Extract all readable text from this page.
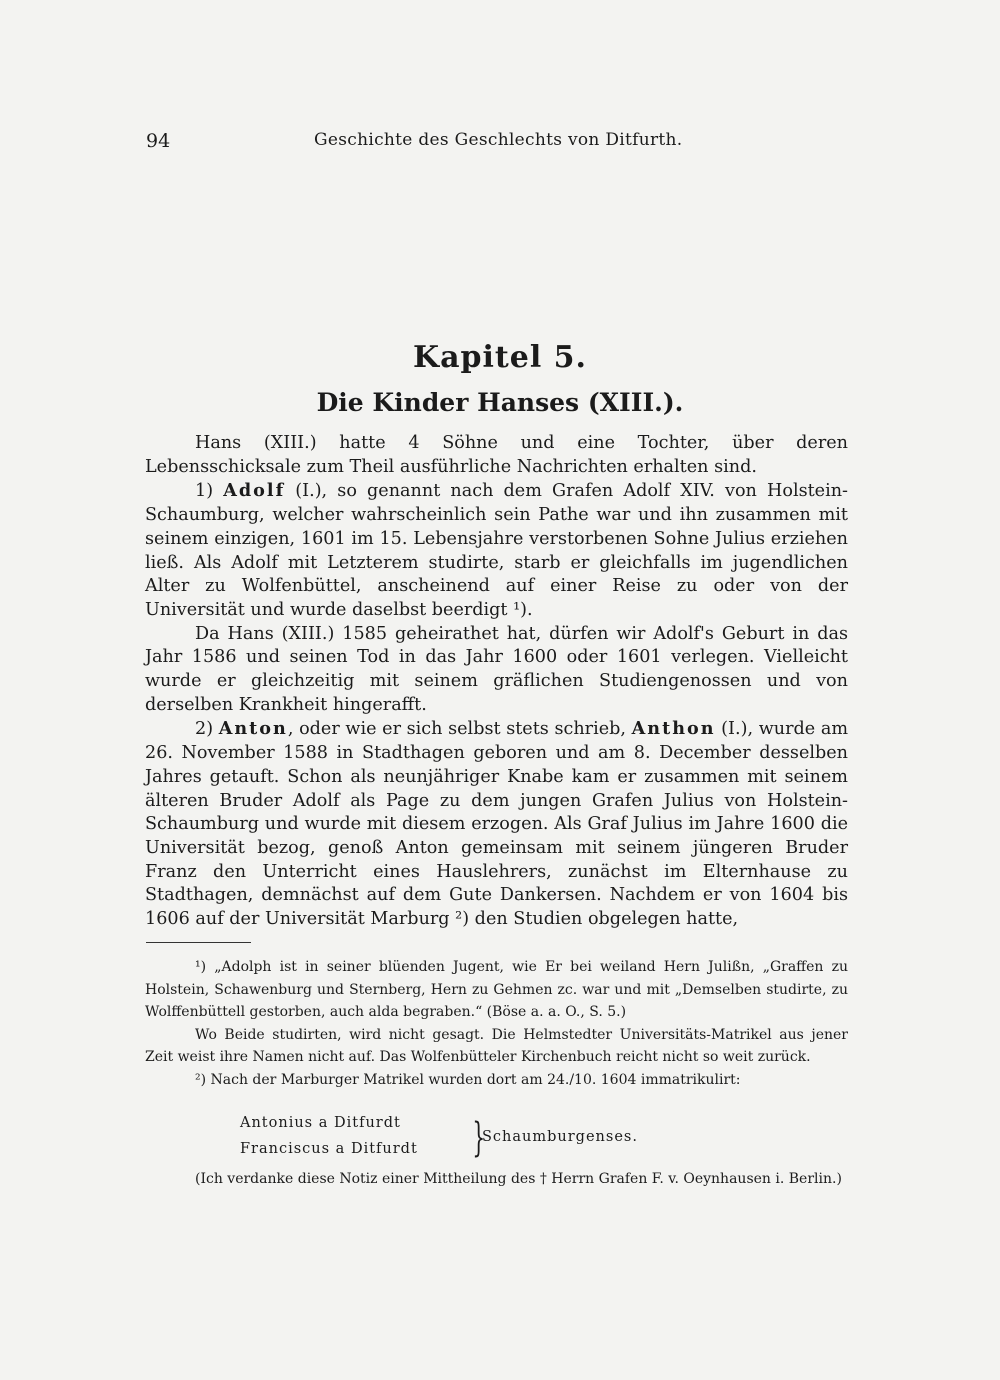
94	Geschichte des Geschlechts von Ditfurth.
Kapitel 5.
Die Kinder Hanses (XIII.).

Hans (XIII.) hatte 4 Söhne und eine Tochter, über deren Lebensschicksale zum Theil ausführliche Nachrichten erhalten sind.

1) Adolf (I.), so genannt nach dem Grafen Adolf XIV. von Holstein-Schaumburg, welcher wahrscheinlich sein Pathe war und ihn zusammen mit seinem einzigen, 1601 im 15. Lebensjahre verstorbenen Sohne Julius erziehen ließ. Als Adolf mit Letzterem studirte, starb er gleichfalls im jugendlichen Alter zu Wolfenbüttel, anscheinend auf einer Reise zu oder von der Universität und wurde daselbst beerdigt ¹).

Da Hans (XIII.) 1585 geheirathet hat, dürfen wir Adolf's Geburt in das Jahr 1586 und seinen Tod in das Jahr 1600 oder 1601 verlegen. Vielleicht wurde er gleichzeitig mit seinem gräflichen Studiengenossen und von derselben Krankheit hingerafft.

2) Anton, oder wie er sich selbst stets schrieb, Anthon (I.), wurde am 26. November 1588 in Stadthagen geboren und am 8. December desselben Jahres getauft. Schon als neunjähriger Knabe kam er zusammen mit seinem älteren Bruder Adolf als Page zu dem jungen Grafen Julius von Holstein-Schaumburg und wurde mit diesem erzogen. Als Graf Julius im Jahre 1600 die Universität bezog, genoß Anton gemeinsam mit seinem jüngeren Bruder Franz den Unterricht eines Hauslehrers, zunächst im Elternhause zu Stadthagen, demnächst auf dem Gute Dankersen. Nachdem er von 1604 bis 1606 auf der Universität Marburg ²) den Studien obgelegen hatte,

¹) „Adolph ist in seiner blüenden Jugent, wie Er bei weiland Hern Julißn, „Graffen zu Holstein, Schawenburg und Sternberg, Hern zu Gehmen zc. war und mit „Demselben studirte, zu Wolffenbüttell gestorben, auch alda begraben.“ (Böse a. a. O., S. 5.)

Wo Beide studirten, wird nicht gesagt. Die Helmstedter Universitäts-Matrikel aus jener Zeit weist ihre Namen nicht auf. Das Wolfenbütteler Kirchenbuch reicht nicht so weit zurück.

²) Nach der Marburger Matrikel wurden dort am 24./10. 1604 immatrikulirt:

Antonius a Ditfurdt
Franciscus a Ditfurdt }
Schaumburgenses.

(Ich verdanke diese Notiz einer Mittheilung des † Herrn Grafen F. v. Oeynhausen i. Berlin.)
